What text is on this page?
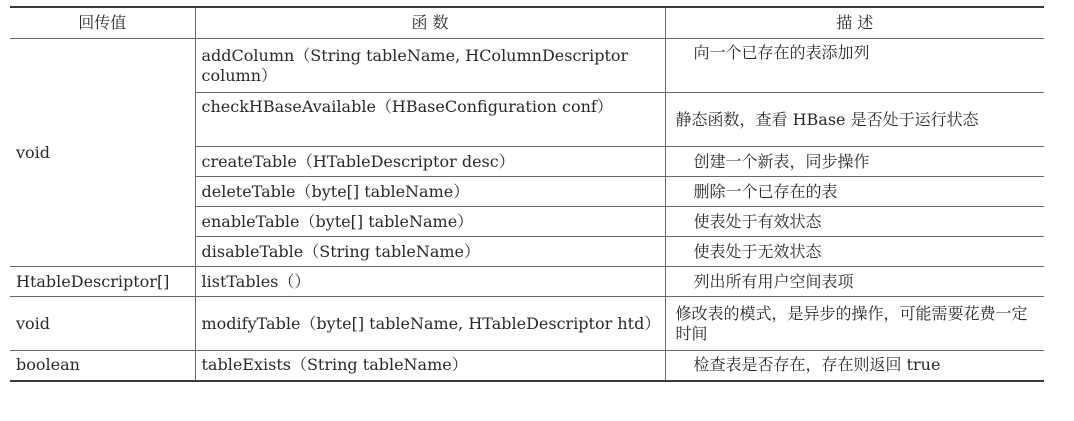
回传值	函 数	描 述
void	addColumn（String tableName, HColumnDescriptor column）	向一个已存在的表添加列
	checkHBaseAvailable（HBaseConfiguration conf）	静态函数，查看 HBase 是否处于运行状态
	createTable（HTableDescriptor desc）	创建一个新表，同步操作
	deleteTable（byte[] tableName）	删除一个已存在的表
	enableTable（byte[] tableName）	使表处于有效状态
	disableTable（String tableName）	使表处于无效状态
HtableDescriptor[]	listTables（）	列出所有用户空间表项
void	modifyTable（byte[] tableName, HTableDescriptor htd）	修改表的模式，是异步的操作，可能需要花费一定时间
boolean	tableExists（String tableName）	检查表是否存在，存在则返回 true
